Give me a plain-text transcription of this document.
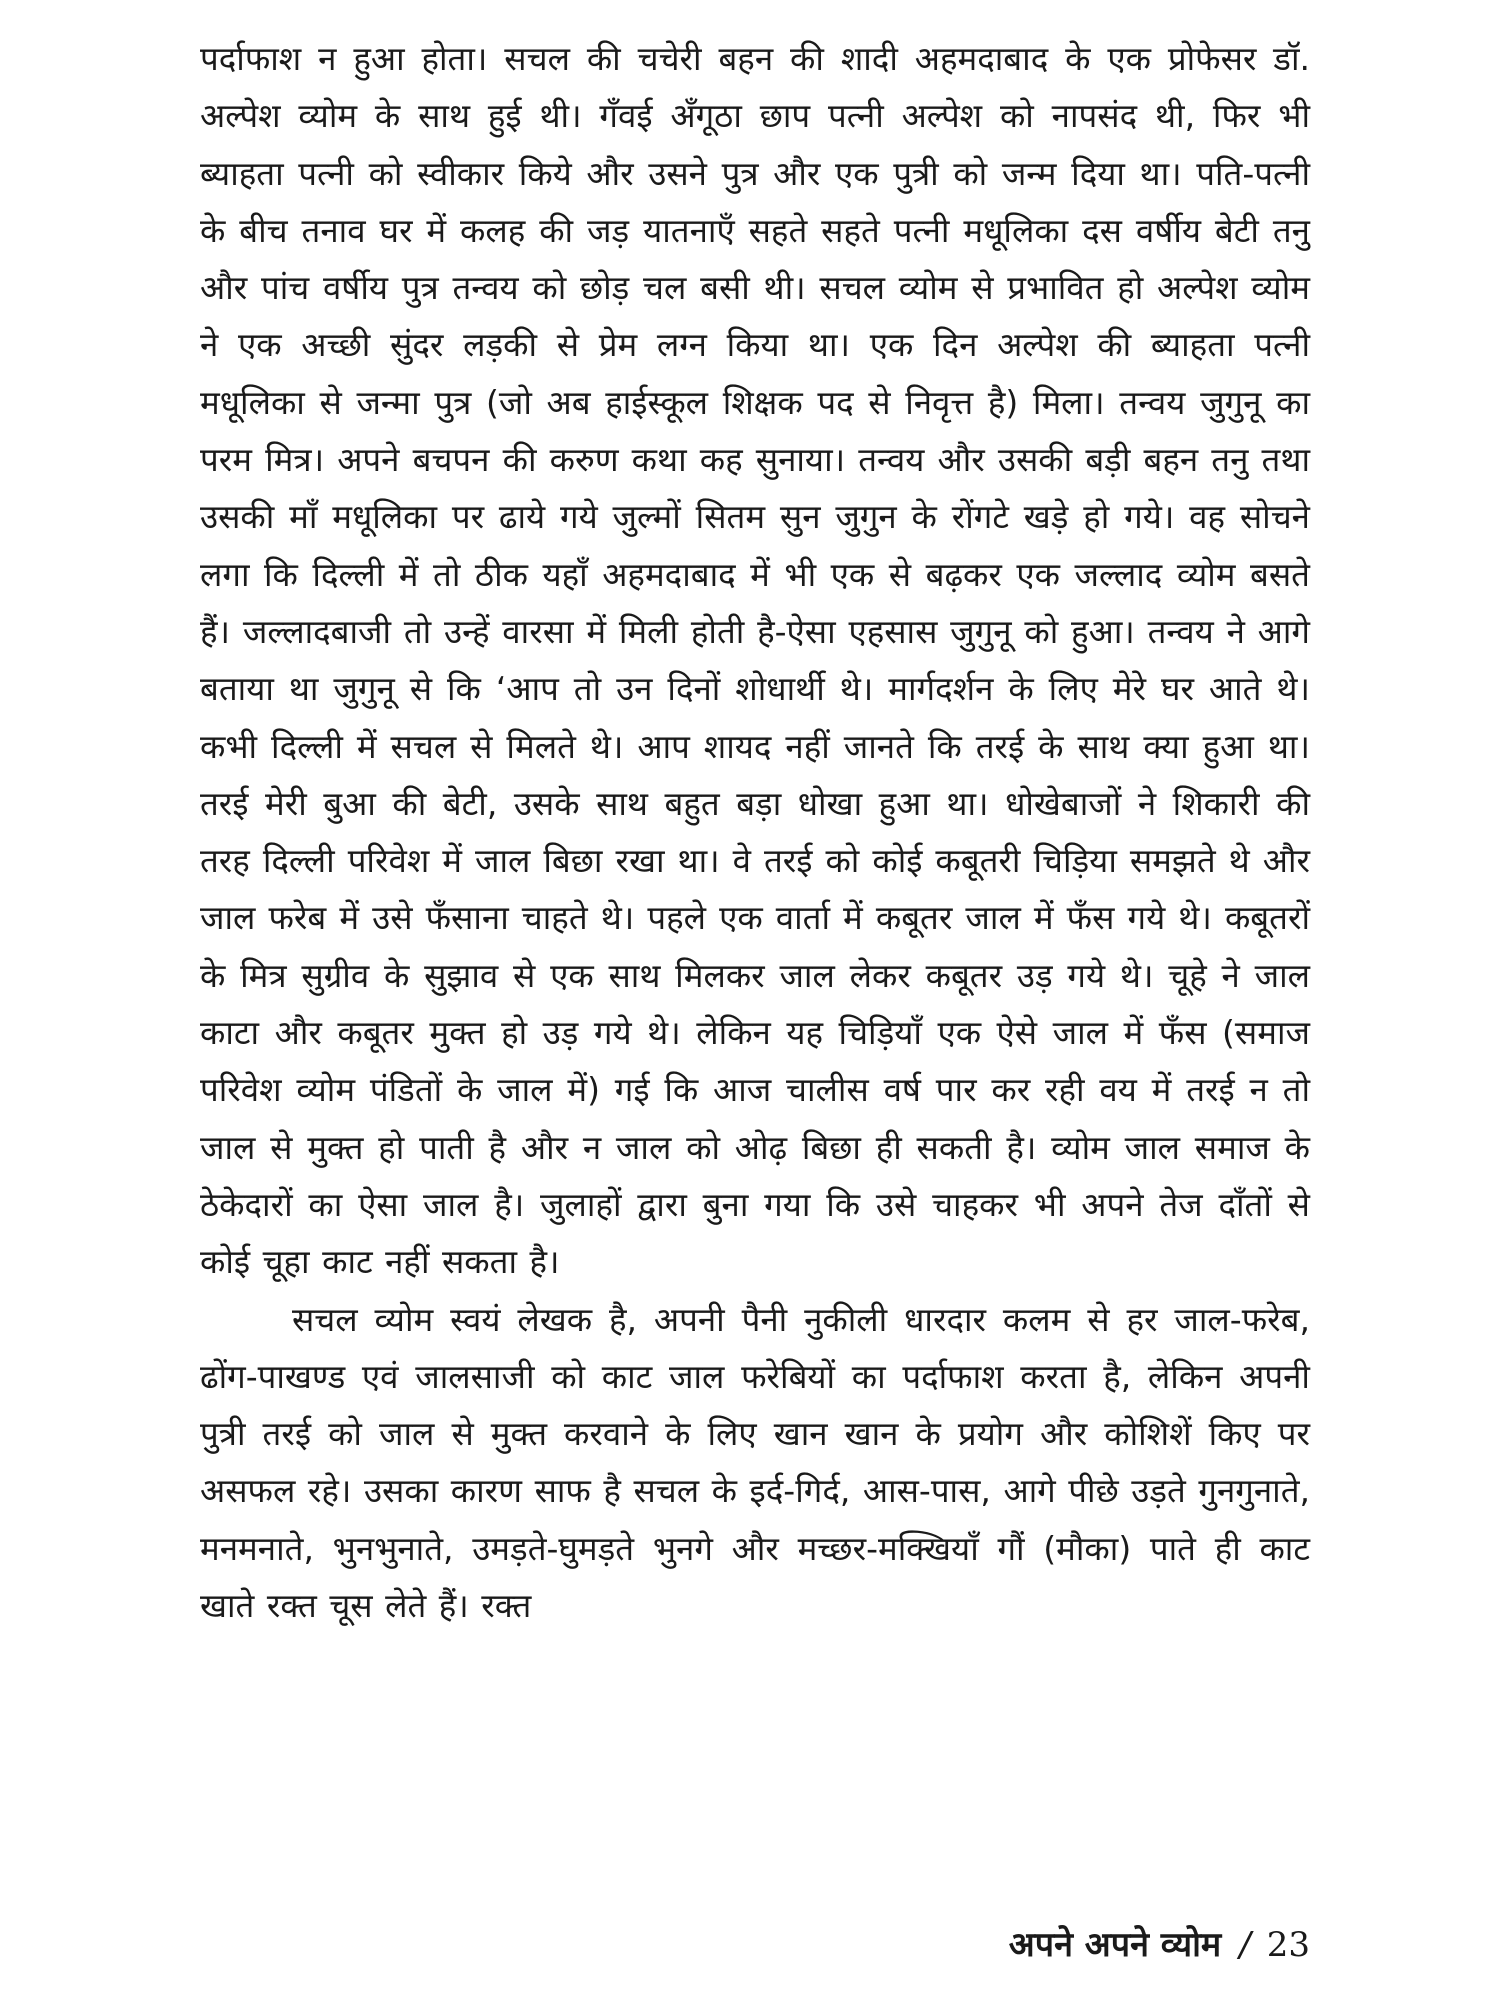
पर्दाफाश न हुआ होता। सचल की चचेरी बहन की शादी अहमदाबाद के एक प्रोफेसर डॉ. अल्पेश व्योम के साथ हुई थी। गँवई अँगूठा छाप पत्नी अल्पेश को नापसंद थी, फिर भी ब्याहता पत्नी को स्वीकार किये और उसने पुत्र और एक पुत्री को जन्म दिया था। पति-पत्नी के बीच तनाव घर में कलह की जड़ यातनाएँ सहते सहते पत्नी मधूलिका दस वर्षीय बेटी तनु और पांच वर्षीय पुत्र तन्वय को छोड़ चल बसी थी। सचल व्योम से प्रभावित हो अल्पेश व्योम ने एक अच्छी सुंदर लड़की से प्रेम लग्न किया था। एक दिन अल्पेश की ब्याहता पत्नी मधूलिका से जन्मा पुत्र (जो अब हाईस्कूल शिक्षक पद से निवृत्त है) मिला। तन्वय जुगुनू का परम मित्र। अपने बचपन की करुण कथा कह सुनाया। तन्वय और उसकी बड़ी बहन तनु तथा उसकी माँ मधूलिका पर ढाये गये जुल्मों सितम सुन जुगुन के रोंगटे खड़े हो गये। वह सोचने लगा कि दिल्ली में तो ठीक यहाँ अहमदाबाद में भी एक से बढ़कर एक जल्लाद व्योम बसते हैं। जल्लादबाजी तो उन्हें वारसा में मिली होती है-ऐसा एहसास जुगुनू को हुआ। तन्वय ने आगे बताया था जुगुनू से कि ‘आप तो उन दिनों शोधार्थी थे। मार्गदर्शन के लिए मेरे घर आते थे। कभी दिल्ली में सचल से मिलते थे। आप शायद नहीं जानते कि तरई के साथ क्या हुआ था। तरई मेरी बुआ की बेटी, उसके साथ बहुत बड़ा धोखा हुआ था। धोखेबाजों ने शिकारी की तरह दिल्ली परिवेश में जाल बिछा रखा था। वे तरई को कोई कबूतरी चिड़िया समझते थे और जाल फरेब में उसे फँसाना चाहते थे। पहले एक वार्ता में कबूतर जाल में फँस गये थे। कबूतरों के मित्र सुग्रीव के सुझाव से एक साथ मिलकर जाल लेकर कबूतर उड़ गये थे। चूहे ने जाल काटा और कबूतर मुक्त हो उड़ गये थे। लेकिन यह चिड़ियाँ एक ऐसे जाल में फँस (समाज परिवेश व्योम पंडितों के जाल में) गई कि आज चालीस वर्ष पार कर रही वय में तरई न तो जाल से मुक्त हो पाती है और न जाल को ओढ़ बिछा ही सकती है। व्योम जाल समाज के ठेकेदारों का ऐसा जाल है। जुलाहों द्वारा बुना गया कि उसे चाहकर भी अपने तेज दाँतों से कोई चूहा काट नहीं सकता है।

सचल व्योम स्वयं लेखक है, अपनी पैनी नुकीली धारदार कलम से हर जाल-फरेब, ढोंग-पाखण्ड एवं जालसाजी को काट जाल फरेबियों का पर्दाफाश करता है, लेकिन अपनी पुत्री तरई को जाल से मुक्त करवाने के लिए खान खान के प्रयोग और कोशिशें किए पर असफल रहे। उसका कारण साफ है सचल के इर्द-गिर्द, आस-पास, आगे पीछे उड़ते गुनगुनाते, मनमनाते, भुनभुनाते, उमड़ते-घुमड़ते भुनगे और मच्छर-मक्खियाँ गौं (मौका) पाते ही काट खाते रक्त चूस लेते हैं। रक्त

अपने अपने व्योम / 23
